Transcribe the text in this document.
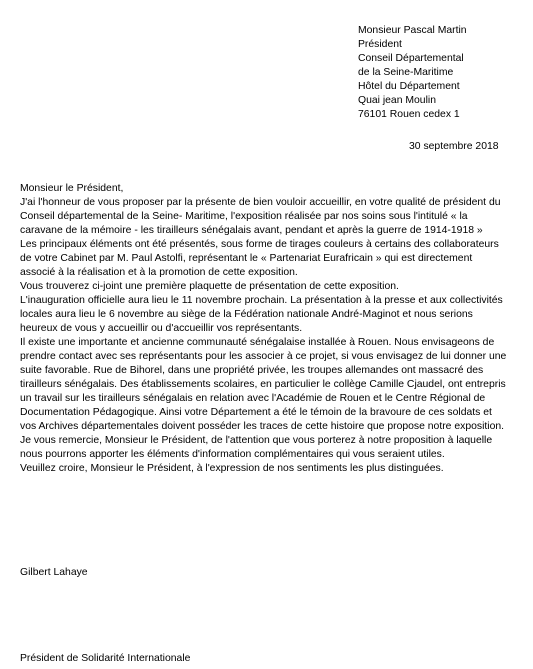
Monsieur Pascal Martin
Président
Conseil Départemental
de la Seine-Maritime
Hôtel du Département
Quai jean Moulin
76101 Rouen cedex 1
30 septembre 2018

Monsieur le Président,

J'ai l'honneur de vous proposer par la présente de bien vouloir accueillir, en votre qualité de président du Conseil départemental de la Seine- Maritime, l'exposition réalisée par nos soins sous l'intitulé « la caravane de la mémoire - les tirailleurs sénégalais avant, pendant et après la guerre de 1914-1918 »

Les principaux éléments ont été présentés, sous forme de tirages couleurs à certains des collaborateurs de votre Cabinet par M. Paul Astolfi, représentant le « Partenariat Eurafricain » qui est directement associé à la réalisation et à la promotion de cette exposition.

Vous trouverez ci-joint une première plaquette de présentation de cette exposition.

L'inauguration officielle aura lieu le 11 novembre prochain. La présentation à la presse et aux collectivités locales aura lieu le 6 novembre au siège de la Fédération nationale André-Maginot et nous serions heureux de vous y accueillir ou d'accueillir vos représentants.

Il existe une importante et ancienne communauté sénégalaise installée à Rouen. Nous envisageons de prendre contact avec ses représentants pour les associer à ce projet, si vous envisagez de lui donner une suite favorable. Rue de Bihorel, dans une propriété privée, les troupes allemandes ont massacré des tirailleurs sénégalais. Des établissements scolaires, en particulier le collège Camille Cjaudel, ont entrepris un travail sur les tirailleurs sénégalais en relation avec l'Académie de Rouen et le Centre Régional de Documentation Pédagogique. Ainsi votre Département a été le témoin de la bravoure de ces soldats et vos Archives départementales doivent posséder les traces de cette histoire que propose notre exposition.

Je vous remercie, Monsieur le Président, de l'attention que vous porterez à notre proposition à laquelle nous pourrons apporter les éléments d'information complémentaires qui vous seraient utiles.

Veuillez croire, Monsieur le Président, à l'expression de nos sentiments les plus distinguées.

Gilbert Lahaye
Président de Solidarité Internationale
